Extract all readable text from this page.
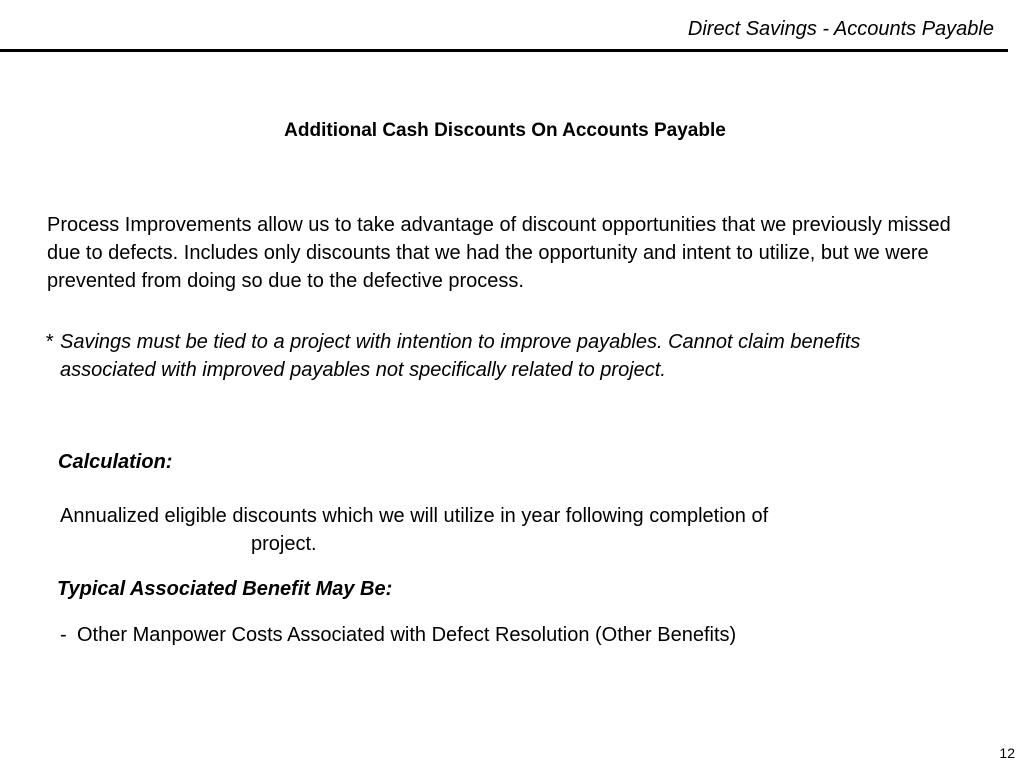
Direct Savings - Accounts Payable
Additional Cash Discounts On Accounts Payable
Process Improvements allow us to take advantage of discount opportunities that we previously missed due to defects. Includes only discounts that we had the opportunity and intent to utilize, but we were prevented from doing so due to the defective process.
* Savings must be tied to a project with intention to improve payables. Cannot claim benefits associated with improved payables not specifically related to project.
Calculation:
Annualized eligible discounts which we will utilize in year following completion of
project.
Typical Associated Benefit May Be:
- Other Manpower Costs Associated with Defect Resolution (Other Benefits)
12
